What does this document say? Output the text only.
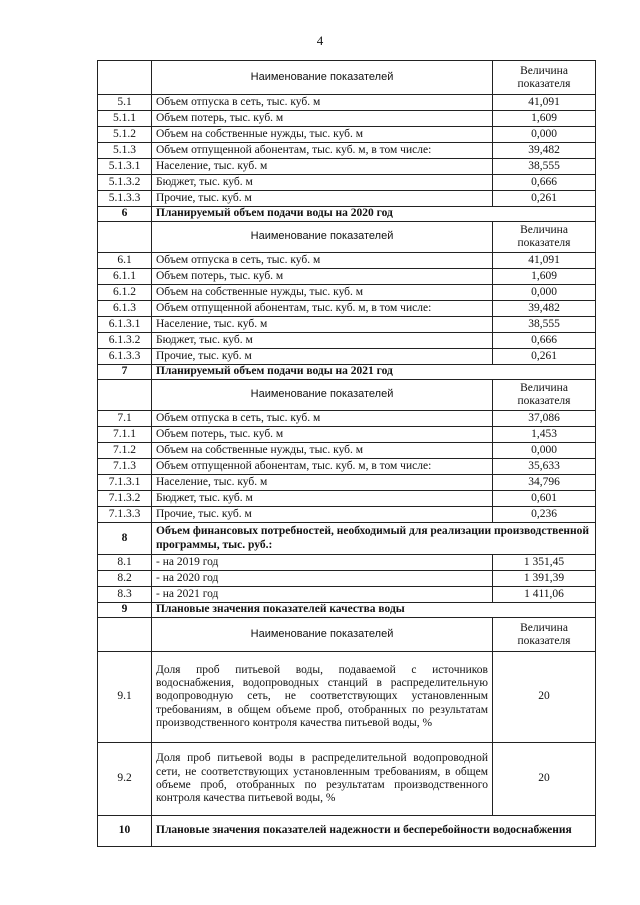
4
	Наименование показателей	Величина показателя
5.1	Объем отпуска в сеть, тыс. куб. м	41,091
5.1.1	Объем потерь, тыс. куб. м	1,609
5.1.2	Объем на собственные нужды, тыс. куб. м	0,000
5.1.3	Объем отпущенной абонентам, тыс. куб. м, в том числе:	39,482
5.1.3.1	Население, тыс. куб. м	38,555
5.1.3.2	Бюджет, тыс. куб. м	0,666
5.1.3.3	Прочие, тыс. куб. м	0,261
6	Планируемый объем подачи воды на 2020 год	
	Наименование показателей	Величина показателя
6.1	Объем отпуска в сеть, тыс. куб. м	41,091
6.1.1	Объем потерь, тыс. куб. м	1,609
6.1.2	Объем на собственные нужды, тыс. куб. м	0,000
6.1.3	Объем отпущенной абонентам, тыс. куб. м, в том числе:	39,482
6.1.3.1	Население, тыс. куб. м	38,555
6.1.3.2	Бюджет, тыс. куб. м	0,666
6.1.3.3	Прочие, тыс. куб. м	0,261
7	Планируемый объем подачи воды на 2021 год	
	Наименование показателей	Величина показателя
7.1	Объем отпуска в сеть, тыс. куб. м	37,086
7.1.1	Объем потерь, тыс. куб. м	1,453
7.1.2	Объем на собственные нужды, тыс. куб. м	0,000
7.1.3	Объем отпущенной абонентам, тыс. куб. м, в том числе:	35,633
7.1.3.1	Население, тыс. куб. м	34,796
7.1.3.2	Бюджет, тыс. куб. м	0,601
7.1.3.3	Прочие, тыс. куб. м	0,236
8	Объем финансовых потребностей, необходимый для реализации производственной программы, тыс. руб.:	
8.1	- на 2019 год	1 351,45
8.2	- на 2020 год	1 391,39
8.3	- на 2021 год	1 411,06
9	Плановые значения показателей качества воды	
	Наименование показателей	Величина показателя
9.1	Доля проб питьевой воды, подаваемой с источников водоснабжения, водопроводных станций в распределительную водопроводную сеть, не соответствующих установленным требованиям, в общем объеме проб, отобранных по результатам производственного контроля качества питьевой воды, %	20
9.2	Доля проб питьевой воды в распределительной водопроводной сети, не соответствующих установленным требованиям, в общем объеме проб, отобранных по результатам производственного контроля качества питьевой воды, %	20
10	Плановые значения показателей надежности и бесперебойности водоснабжения	
